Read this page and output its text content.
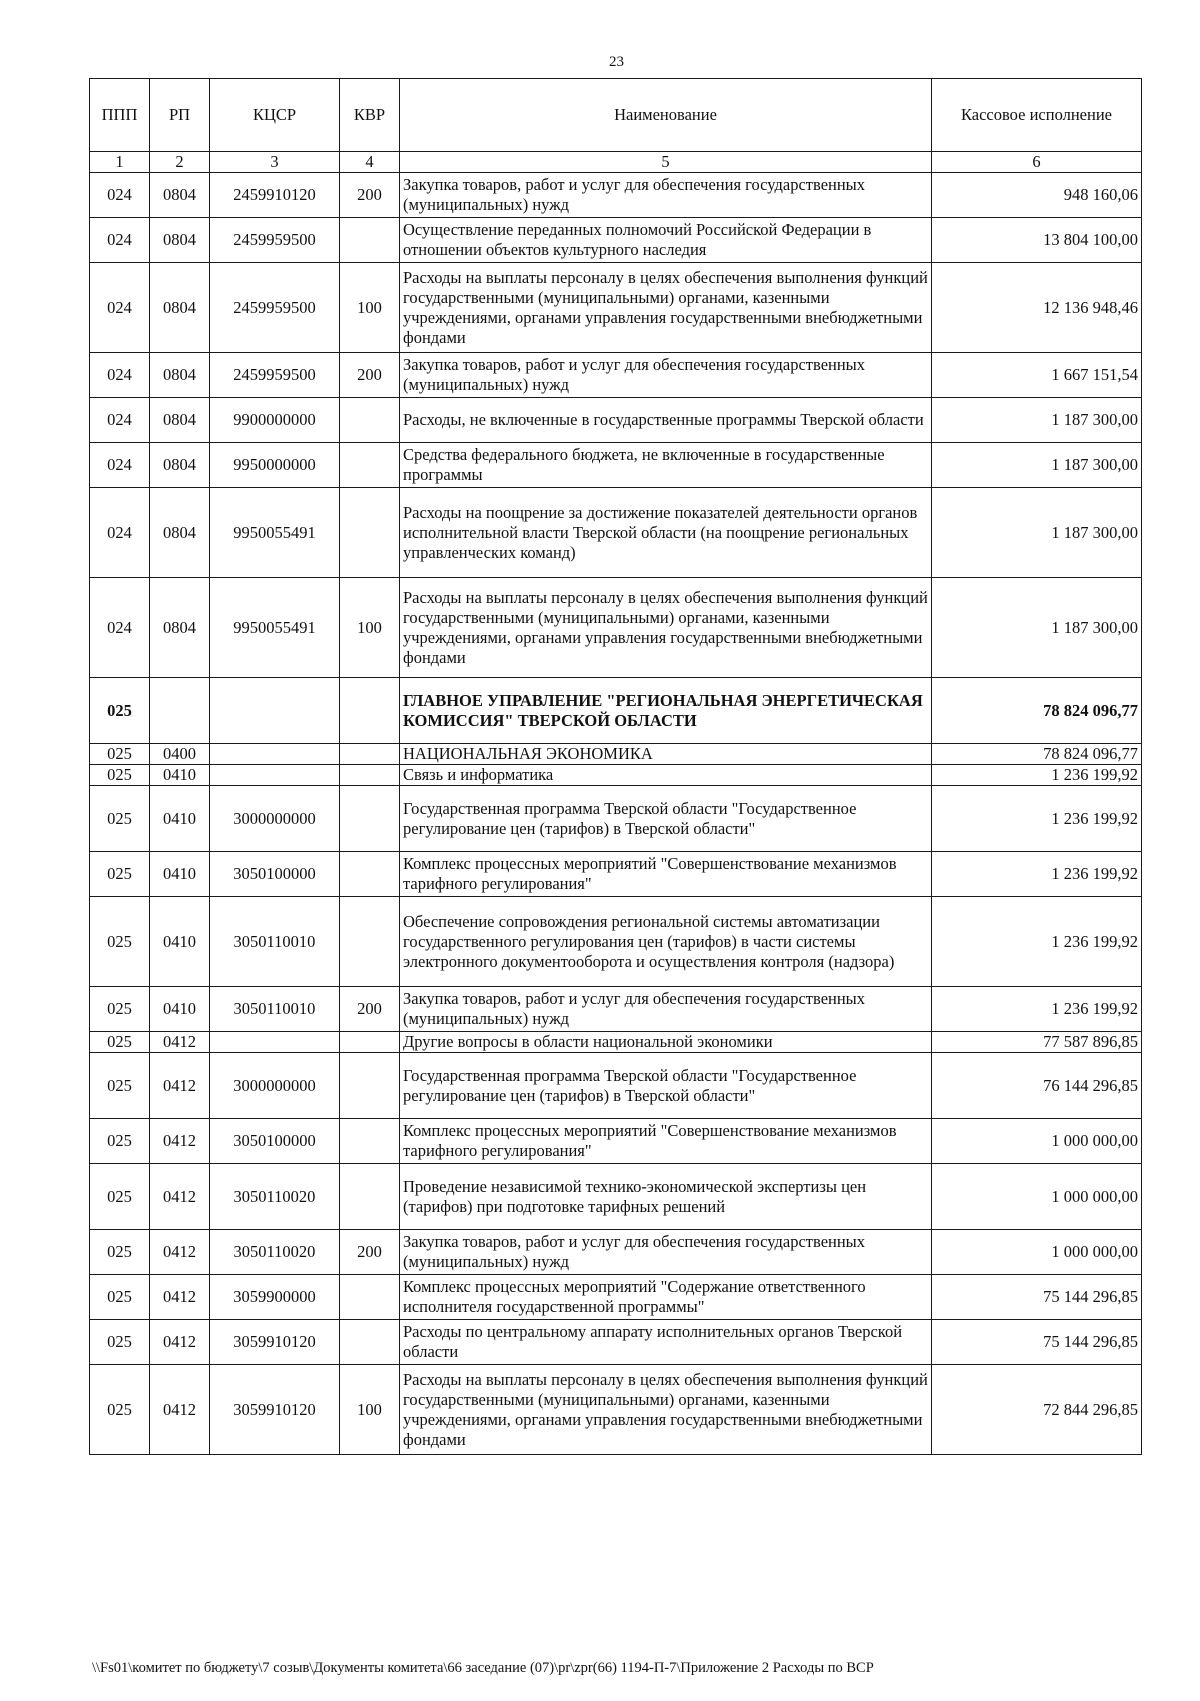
23
ППП	РП	КЦСР	КВР	Наименование	Кассовое исполнение
1	2	3	4	5	6
024	0804	2459910120	200	Закупка товаров, работ и услуг для обеспечения государственных (муниципальных) нужд	948 160,06
024	0804	2459959500		Осуществление переданных полномочий Российской Федерации в отношении объектов культурного наследия	13 804 100,00
024	0804	2459959500	100	Расходы на выплаты персоналу в целях обеспечения выполнения функций государственными (муниципальными) органами, казенными учреждениями, органами управления государственными внебюджетными фондами	12 136 948,46
024	0804	2459959500	200	Закупка товаров, работ и услуг для обеспечения государственных (муниципальных) нужд	1 667 151,54
024	0804	9900000000		Расходы, не включенные в государственные программы Тверской области	1 187 300,00
024	0804	9950000000		Средства федерального бюджета, не включенные в государственные программы	1 187 300,00
024	0804	9950055491		Расходы на поощрение за достижение показателей деятельности органов исполнительной власти Тверской области (на поощрение региональных управленческих команд)	1 187 300,00
024	0804	9950055491	100	Расходы на выплаты персоналу в целях обеспечения выполнения функций государственными (муниципальными) органами, казенными учреждениями, органами управления государственными внебюджетными фондами	1 187 300,00
025				ГЛАВНОЕ УПРАВЛЕНИЕ "РЕГИОНАЛЬНАЯ ЭНЕРГЕТИЧЕСКАЯ КОМИССИЯ" ТВЕРСКОЙ ОБЛАСТИ	78 824 096,77
025	0400			НАЦИОНАЛЬНАЯ ЭКОНОМИКА	78 824 096,77
025	0410			Связь и информатика	1 236 199,92
025	0410	3000000000		Государственная программа Тверской области "Государственное регулирование цен (тарифов) в Тверской области"	1 236 199,92
025	0410	3050100000		Комплекс процессных мероприятий "Совершенствование механизмов тарифного регулирования"	1 236 199,92
025	0410	3050110010		Обеспечение сопровождения региональной системы автоматизации государственного регулирования цен (тарифов) в части системы электронного документооборота и осуществления контроля (надзора)	1 236 199,92
025	0410	3050110010	200	Закупка товаров, работ и услуг для обеспечения государственных (муниципальных) нужд	1 236 199,92
025	0412			Другие вопросы в области национальной экономики	77 587 896,85
025	0412	3000000000		Государственная программа Тверской области "Государственное регулирование цен (тарифов) в Тверской области"	76 144 296,85
025	0412	3050100000		Комплекс процессных мероприятий "Совершенствование механизмов тарифного регулирования"	1 000 000,00
025	0412	3050110020		Проведение независимой технико-экономической экспертизы цен (тарифов) при подготовке тарифных решений	1 000 000,00
025	0412	3050110020	200	Закупка товаров, работ и услуг для обеспечения государственных (муниципальных) нужд	1 000 000,00
025	0412	3059900000		Комплекс процессных мероприятий "Содержание ответственного исполнителя государственной программы"	75 144 296,85
025	0412	3059910120		Расходы по центральному аппарату исполнительных органов Тверской области	75 144 296,85
025	0412	3059910120	100	Расходы на выплаты персоналу в целях обеспечения выполнения функций государственными (муниципальными) органами, казенными учреждениями, органами управления государственными внебюджетными фондами	72 844 296,85
\\Fs01\комитет по бюджету\7 созыв\Документы комитета\66 заседание (07)\pr\zpr(66) 1194-П-7\Приложение 2 Расходы по ВСР
